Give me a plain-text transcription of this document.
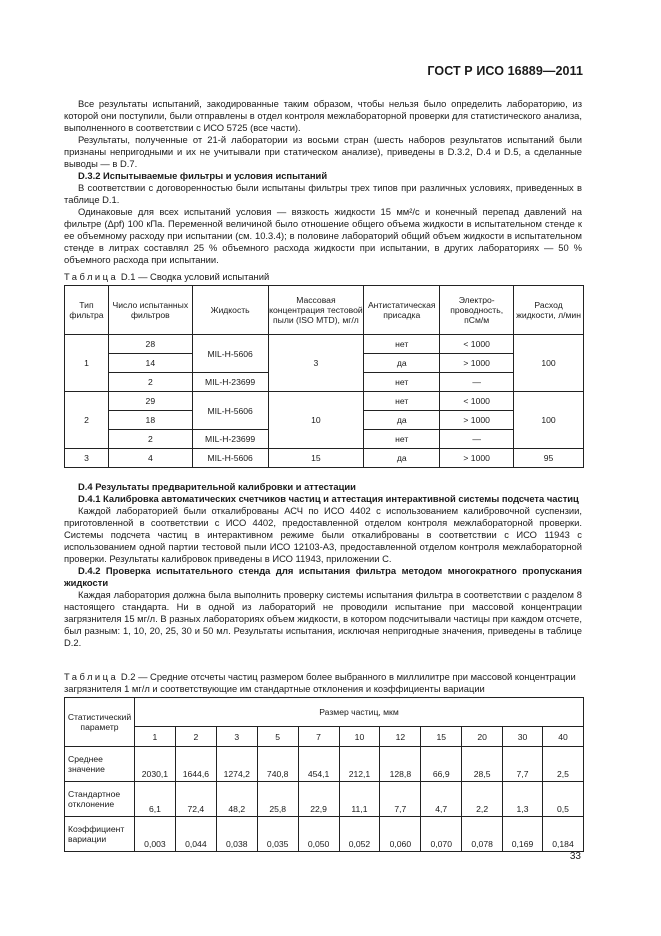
ГОСТ Р ИСО 16889—2011

Все результаты испытаний, закодированные таким образом, чтобы нельзя было определить лабораторию, из которой они поступили, были отправлены в отдел контроля межлабораторной проверки для статистического анализа, выполненного в соответствии с ИСО 5725 (все части).

Результаты, полученные от 21-й лаборатории из восьми стран (шесть наборов результатов испытаний были признаны непригодными и их не учитывали при статическом анализе), приведены в D.3.2, D.4 и D.5, а сделанные выводы — в D.7.

D.3.2 Испытываемые фильтры и условия испытаний

В соответствии с договоренностью были испытаны фильтры трех типов при различных условиях, приведенных в таблице D.1.

Одинаковые для всех испытаний условия — вязкость жидкости 15 мм²/с и конечный перепад давлений на фильтре (Δpf) 100 кПа. Переменной величиной было отношение общего объема жидкости в испытательном стенде к ее объемному расходу при испытании (см. 10.3.4); в половине лабораторий общий объем жидкости в испытательном стенде в литрах составлял 25 % объемного расхода жидкости при испытании, в других лабораториях — 50 % объемного расхода при испытании.

Таблица D.1 — Сводка условий испытаний
Тип фильтра	Число испытанных фильтров	Жидкость	Массовая концентрация тестовой пыли (ISO MTD), мг/л	Антистатическая присадка	Электро-проводность, пСм/м	Расход жидкости, л/мин
1	28	MIL-H-5606	3	нет	< 1000	100
	14			да	> 1000	
	2	MIL-H-23699		нет	—	
2	29	MIL-H-5606	10	нет	< 1000	100
	18			да	> 1000	
	2	MIL-H-23699		нет	—	
3	4	MIL-H-5606	15	да	> 1000	95

D.4 Результаты предварительной калибровки и аттестации

D.4.1 Калибровка автоматических счетчиков частиц и аттестация интерактивной системы подсчета частиц

Каждой лабораторией были откалиброваны АСЧ по ИСО 4402 с использованием калибровочной суспензии, приготовленной в соответствии с ИСО 4402, предоставленной отделом контроля межлабораторной проверки. Системы подсчета частиц в интерактивном режиме были откалиброваны в соответствии с ИСО 11943 с использованием одной партии тестовой пыли ИСО 12103-А3, предоставленной отделом контроля межлабораторной проверки. Результаты калибровок приведены в ИСО 11943, приложении С.

D.4.2 Проверка испытательного стенда для испытания фильтра методом многократного пропускания жидкости

Каждая лаборатория должна была выполнить проверку системы испытания фильтра в соответствии с разделом 8 настоящего стандарта. Ни в одной из лабораторий не проводили испытание при массовой концентрации загрязнителя 15 мг/л. В разных лабораториях объем жидкости, в котором подсчитывали частицы при каждом отсчете, был разным: 1, 10, 20, 25, 30 и 50 мл. Результаты испытания, исключая непригодные значения, приведены в таблице D.2.

Таблица D.2 — Средние отсчеты частиц размером более выбранного в миллилитре при массовой концентрации загрязнителя 1 мг/л и соответствующие им стандартные отклонения и коэффициенты вариации
Статистический параметр	Размер частиц, мкм										
	1	2	3	5	7	10	12	15	20	30	40
Среднее значение	2030,1	1644,6	1274,2	740,8	454,1	212,1	128,8	66,9	28,5	7,7	2,5
Стандартное отклонение	6,1	72,4	48,2	25,8	22,9	11,1	7,7	4,7	2,2	1,3	0,5
Коэффициент вариации	0,003	0,044	0,038	0,035	0,050	0,052	0,060	0,070	0,078	0,169	0,184
33
